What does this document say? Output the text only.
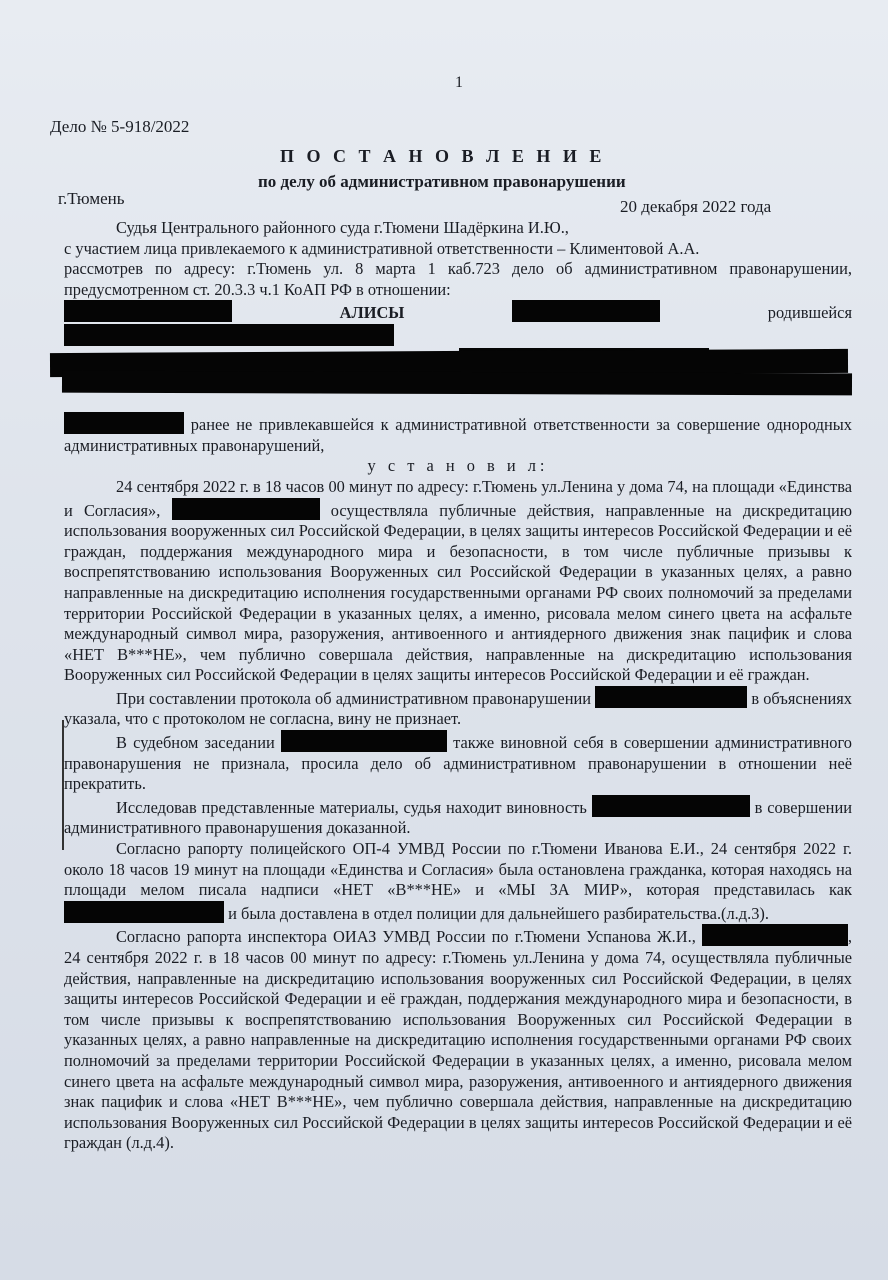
1
Дело № 5-918/2022
П О С Т А Н О В Л Е Н И Е
по делу об административном правонарушении
г.Тюмень	20 декабря 2022 года

Судья Центрального районного суда г.Тюмени Шадёркина И.Ю.,

с участием лица привлекаемого к административной ответственности – Климентовой А.А.

рассмотрев по адресу: г.Тюмень ул. 8 марта 1 каб.723 дело об административном правонарушении, предусмотренном ст. 20.3.3 ч.1 КоАП РФ в отношении:

АЛИСЫ	родившейся

ранее не привлекавшейся к административной ответственности за совершение однородных административных правонарушений,

у с т а н о в и л:

24 сентября 2022 г. в 18 часов 00 минут по адресу: г.Тюмень ул.Ленина у дома 74, на площади «Единства и Согласия»,	осуществляла публичные действия, направленные на дискредитацию использования вооруженных сил Российской Федерации, в целях защиты интересов Российской Федерации и её граждан, поддержания международного мира и безопасности, в том числе публичные призывы к воспрепятствованию использования Вооруженных сил Российской Федерации в указанных целях, а равно направленные на дискредитацию исполнения государственными органами РФ своих полномочий за пределами территории Российской Федерации в указанных целях, а именно, рисовала мелом синего цвета на асфальте международный символ мира, разоружения, антивоенного и антиядерного движения знак пацифик и слова «НЕТ В***НЕ», чем публично совершала действия, направленные на дискредитацию использования Вооруженных сил Российской Федерации в целях защиты интересов Российской Федерации и её граждан.

При составлении протокола об административном правонарушении	в объяснениях указала, что с протоколом не согласна, вину не признает.

В судебном заседании	также виновной себя в совершении административного правонарушения не признала, просила дело об административном правонарушении в отношении неё прекратить.

Исследовав представленные материалы, судья находит виновность	в совершении административного правонарушения доказанной.

Согласно рапорту полицейского ОП-4 УМВД России по г.Тюмени Иванова Е.И., 24 сентября 2022 г. около 18 часов 19 минут на площади «Единства и Согласия» была остановлена гражданка, которая находясь на площади мелом писала надписи «НЕТ «В***НЕ» и «МЫ ЗА МИР», которая представилась как  и была доставлена в отдел полиции для дальнейшего разбирательства.(л.д.3).

Согласно рапорта инспектора ОИАЗ УМВД России по г.Тюмени Успанова Ж.И.,	, 24 сентября 2022 г. в 18 часов 00 минут по адресу: г.Тюмень ул.Ленина у дома 74, осуществляла публичные действия, направленные на дискредитацию использования вооруженных сил Российской Федерации, в целях защиты интересов Российской Федерации и её граждан, поддержания международного мира и безопасности, в том числе призывы к воспрепятствованию использования Вооруженных сил Российской Федерации в указанных целях, а равно направленные на дискредитацию исполнения государственными органами РФ своих полномочий за пределами территории Российской Федерации в указанных целях, а именно, рисовала мелом синего цвета на асфальте международный символ мира, разоружения, антивоенного и антиядерного движения знак пацифик и слова «НЕТ В***НЕ», чем публично совершала действия, направленные на дискредитацию использования Вооруженных сил Российской Федерации в целях защиты интересов Российской Федерации и её граждан (л.д.4).
